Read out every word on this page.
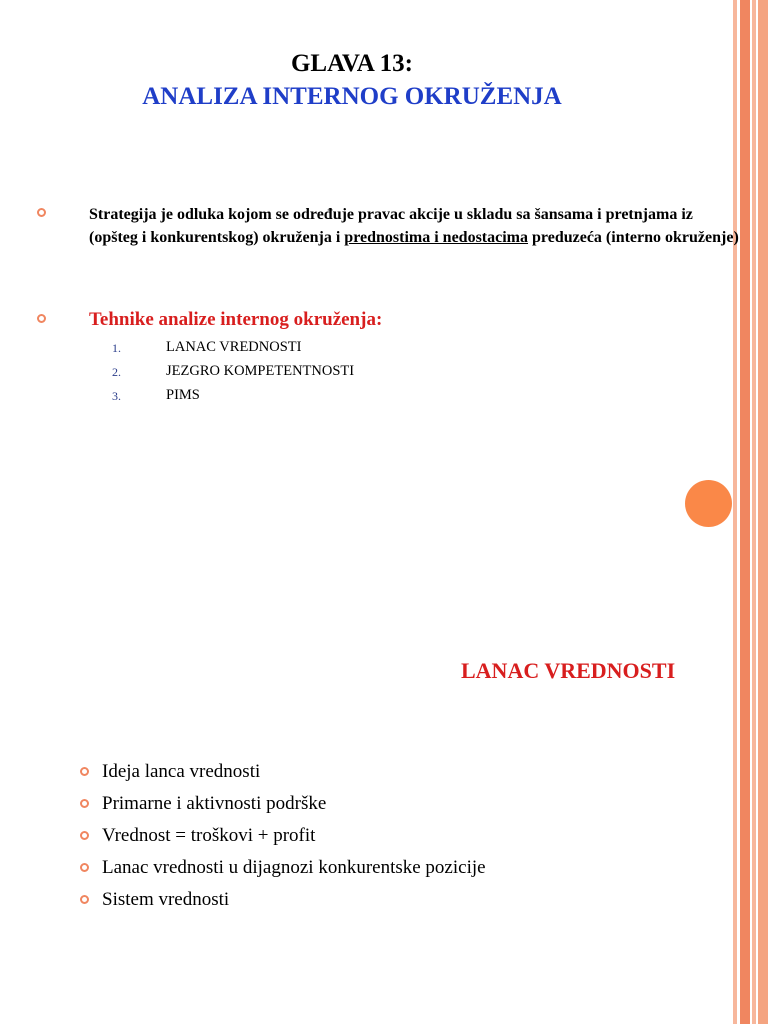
GLAVA 13:
ANALIZA INTERNOG OKRUŽENJA
Strategija je odluka kojom se određuje pravac akcije u skladu sa šansama i pretnjama iz (opšteg i konkurentskog) okruženja i prednostima i nedostacima preduzeća (interno okruženje)
Tehnike analize internog okruženja:
1.	LANAC VREDNOSTI
2.	JEZGRO KOMPETENTNOSTI
3.	PIMS
LANAC VREDNOSTI
Ideja lanca vrednosti
Primarne i aktivnosti podrške
Vrednost = troškovi + profit
Lanac vrednosti u dijagnozi konkurentske pozicije
Sistem vrednosti
